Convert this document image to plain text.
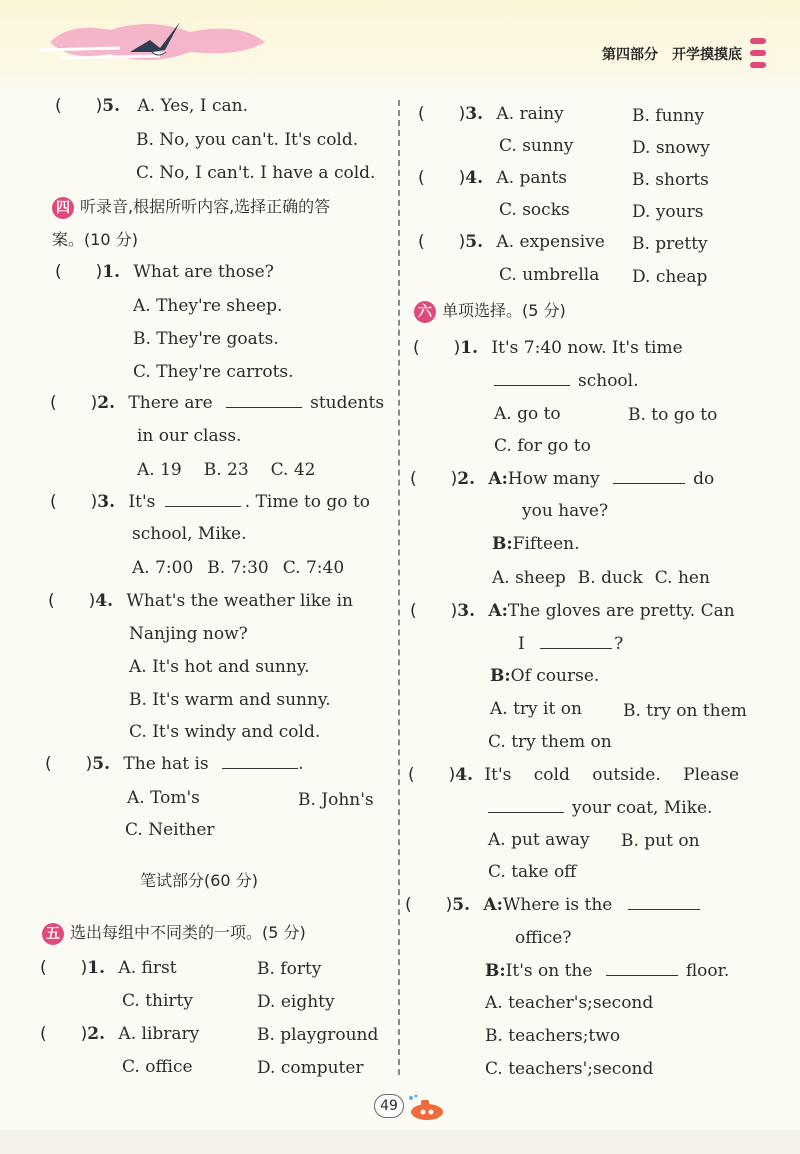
第四部分　开学摸摸底
(　　)5. A. Yes, I can.
B. No, you can't. It's cold.
C. No, I can't. I have a cold.
四 听录音,根据所听内容,选择正确的答
案。(10 分)
(　　)1. What are those?
A. They're sheep.
B. They're goats.
C. They're carrots.
(　　)2. There are	students
in our class.
A. 19 B. 23 C. 42
(　　)3. It's	. Time to go to
school, Mike.
A. 7:00 B. 7:30 C. 7:40
(　　)4. What's the weather like in
Nanjing now?
A. It's hot and sunny.
B. It's warm and sunny.
C. It's windy and cold.
(　　)5. The hat is	.
A. Tom's	B. John's
C. Neither
笔试部分(60 分)
五 选出每组中不同类的一项。(5 分)
(　　)1. A. first	B. forty
C. thirty	D. eighty
(　　)2. A. library	B. playground
C. office	D. computer
(　　)3. A. rainy	B. funny
C. sunny	D. snowy
(　　)4. A. pants	B. shorts
C. socks	D. yours
(　　)5. A. expensive B. pretty
C. umbrella D. cheap
六 单项选择。(5 分)
(　　)1. It's 7:40 now. It's time
school.
A. go to	B. to go to
C. for go to
(　　)2. A:How many	do
you have?
B:Fifteen.
A. sheep B. duck C. hen
(　　)3. A:The gloves are pretty. Can
I	?
B:Of course.
A. try it on B. try on them
C. try them on
(　　)4. It's　 cold　 outside.　 Please
your coat, Mike.
A. put away B. put on
C. take off
(　　)5. A:Where is the
office?
B:It's on the	floor.
A. teacher's;second
B. teachers;two
C. teachers';second
49
